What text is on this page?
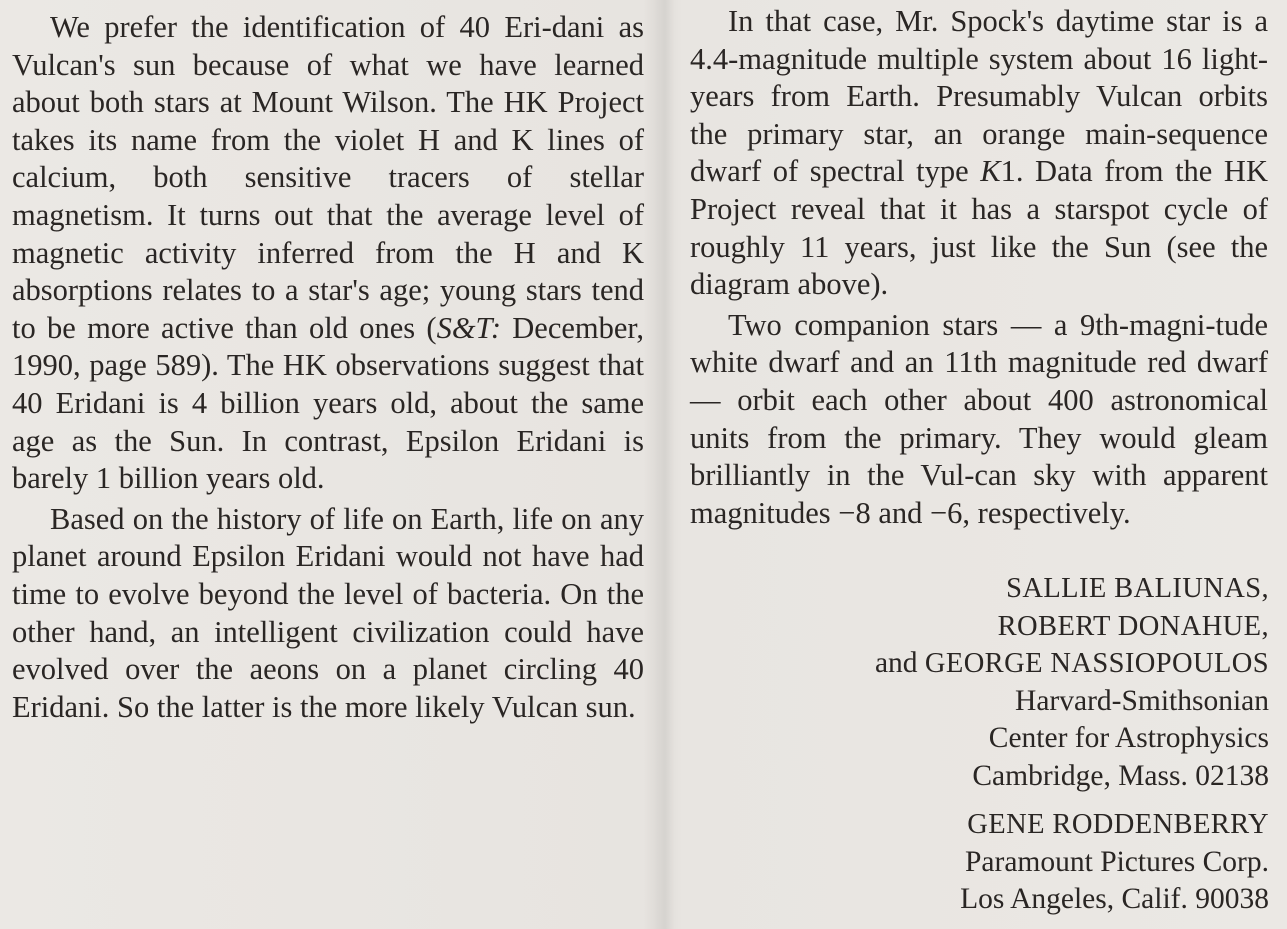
We prefer the identification of 40 Eri-dani as Vulcan's sun because of what we have learned about both stars at Mount Wilson. The HK Project takes its name from the violet H and K lines of calcium, both sensitive tracers of stellar magnetism. It turns out that the average level of magnetic activity inferred from the H and K absorptions relates to a star's age; young stars tend to be more active than old ones (S&T: December, 1990, page 589). The HK observations suggest that 40 Eridani is 4 billion years old, about the same age as the Sun. In contrast, Epsilon Eridani is barely 1 billion years old.

Based on the history of life on Earth, life on any planet around Epsilon Eridani would not have had time to evolve beyond the level of bacteria. On the other hand, an intelligent civilization could have evolved over the aeons on a planet circling 40 Eridani. So the latter is the more likely Vulcan sun.

In that case, Mr. Spock's daytime star is a 4.4-magnitude multiple system about 16 light-years from Earth. Presumably Vulcan orbits the primary star, an orange main-sequence dwarf of spectral type K1. Data from the HK Project reveal that it has a starspot cycle of roughly 11 years, just like the Sun (see the diagram above).

Two companion stars — a 9th-magni-tude white dwarf and an 11th magnitude red dwarf — orbit each other about 400 astronomical units from the primary. They would gleam brilliantly in the Vul-can sky with apparent magnitudes −8 and −6, respectively.

SALLIE BALIUNAS,
ROBERT DONAHUE,
and GEORGE NASSIOPOULOS
Harvard-Smithsonian
Center for Astrophysics
Cambridge, Mass. 02138
GENE RODDENBERRY
Paramount Pictures Corp.
Los Angeles, Calif. 90038
